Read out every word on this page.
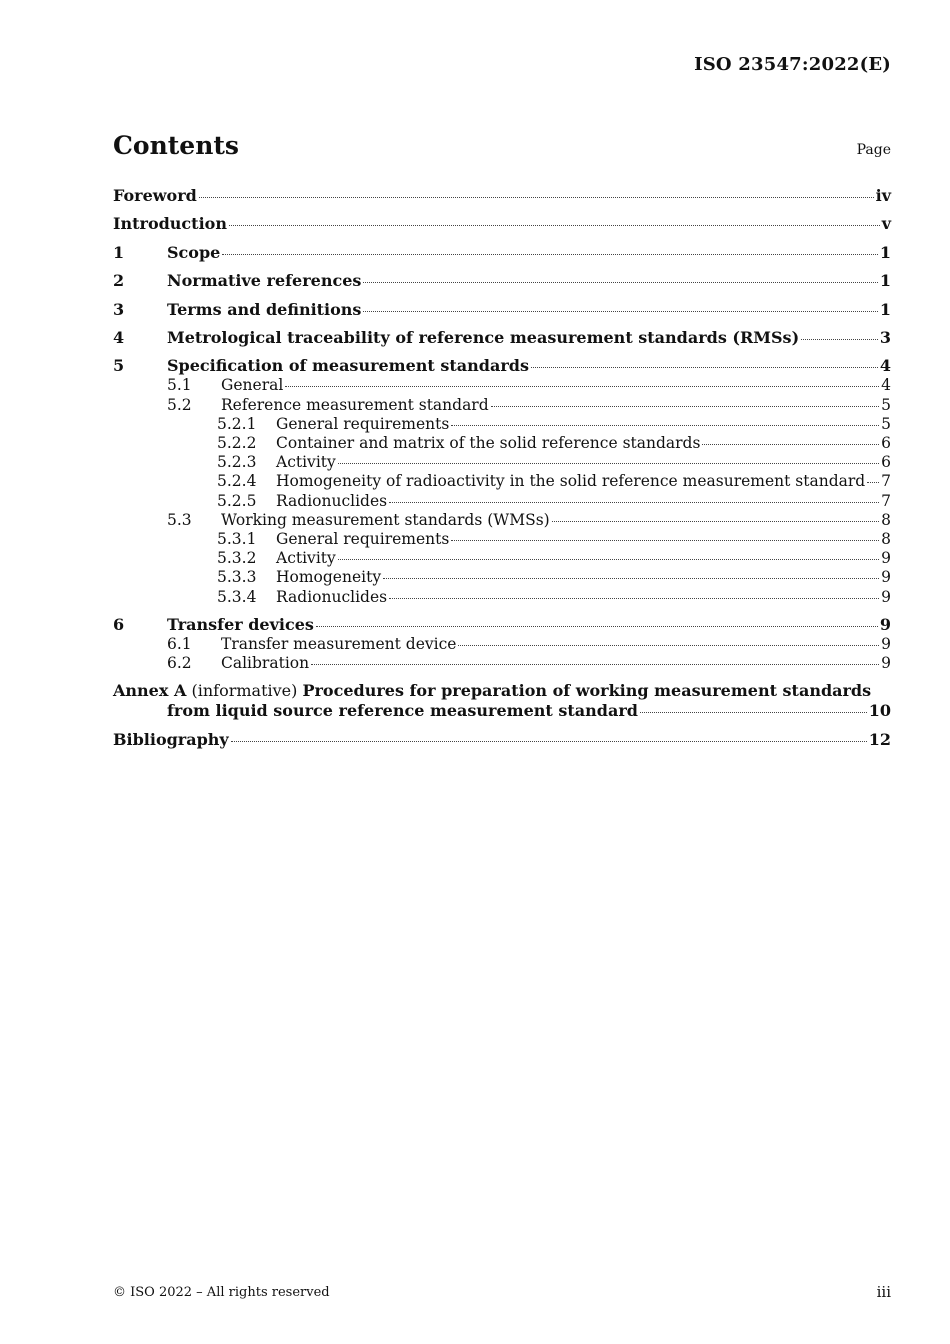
ISO 23547:2022(E)
Contents	Page
Foreword	iv
Introduction	v
1	Scope	1
2	Normative references	1
3	Terms and definitions	1
4	Metrological traceability of reference measurement standards (RMSs)	3
5	Specification of measurement standards	4
5.1	General	4
5.2	Reference measurement standard	5
5.2.1	General requirements	5
5.2.2	Container and matrix of the solid reference standards	6
5.2.3	Activity	6
5.2.4	Homogeneity of radioactivity in the solid reference measurement standard 7
5.2.5	Radionuclides	7
5.3	Working measurement standards (WMSs)	8
5.3.1	General requirements	8
5.3.2	Activity	9
5.3.3	Homogeneity	9
5.3.4	Radionuclides	9
6	Transfer devices	9
6.1	Transfer measurement device	9
6.2	Calibration	9
Annex A (informative) Procedures for preparation of working measurement standards
from liquid source reference measurement standard	10
Bibliography	12
© ISO 2022 – All rights reserved	iii
